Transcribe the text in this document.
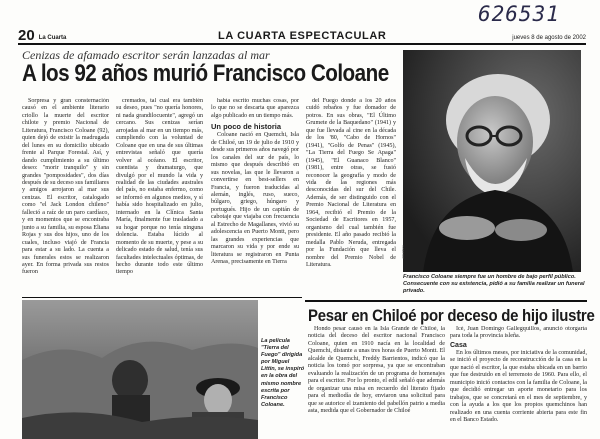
626531
20 La Cuarta	LA CUARTA ESPECTACULAR	jueves 8 de agosto de 2002
Cenizas de afamado escritor serán lanzadas al mar
A los 92 años murió Francisco Coloane

Sorpresa y gran consternación causó en el ambiente literario criollo la muerte del escritor chilote y premio Nacional de Literatura, Francisco Coloane (92), quien dejó de existir la madrugada del lunes en su domicilio ubicado frente al Parque Forestal. Así, y dando cumplimiento a su último deseo: "morir tranquilo" y sin grandes "pomposidades", dos días después de su deceso sus familiares y amigos arrojaron al mar sus cenizas. El escritor, catalogado como "el Jack London chileno" falleció a raíz de un paro cardíaco, y en momentos que se encontraba junto a su familia, su esposa Eliana Rojas y sus dos hijos, uno de los cuales, incluso viajó de Francia para estar a su lado. La cuenta a sus funerales estos se realizaron ayer. En forma privada sus restos fueron

cremados, tal cual era también su deseo, pues "no quería honores, ni nada grandilocuente", agregó un cercano. Sus cenizas serían arrojadas al mar en un tiempo más, cumpliendo con la voluntad de Coloane que en una de sus últimas entrevistas señaló que quería volver al océano. El escritor, cuentista y dramaturgo, que divulgó por el mundo la vida y realidad de las ciudades australes del país, no estaba enfermo, como se informó en algunos medios, y sí había sido hospitalizado en julio, internado en la Clínica Santa María, finalmente fue trasladado a su hogar porque no tenía ninguna dolencia. Estaba lúcido al momento de su muerte, y pese a su delicado estado de salud, tenía sus facultades intelectuales óptimas, de hecho durante todo este último tiempo

había escrito muchas cosas, por lo que no se descarta que aparezca algo publicado en un tiempo más.

Un poco de historia

Coloane nació en Quemchi, Isla de Chiloé, un 19 de julio de 1910 y desde sus primeros años navegó por los canales del sur de país, lo mismo que después describió en sus novelas, las que le llevaron a convertirse en best-sellers en Francia, y fueron traducidas al alemán, inglés, ruso, sueco, búlgaro, griego, húngaro y portugués. Hijo de un capitán de cabotaje que viajaba con frecuencia al Estrecho de Magallanes, vivió su adolescencia en Puerto Montt, pero las grandes experiencias que marcaron su vida y por ende su literatura se registraron en Punta Arenas, precisamente en Tierra

del Fuego donde a los 20 años cuidó rebaños y fue domador de potros. En sus obras, "El Último Grumete de la Baquedano" (1941) y que fue llevada al cine en la década de los '80, "Cabo de Hornos" (1941), "Golfo de Penas" (1945), "La Tierra del Fuego Se Apaga" (1945), "El Guanaco Blanco" (1981), entre otras, se fusió reconocer la geografía y modo de vida de las regiones más desconocidas del sur del Chile. Además, de ser distinguido con el Premio Nacional de Literatura en 1964, recibió el Premio de la Sociedad de Escritores en 1957, organismo del cual también fue presidente. El año pasado recibió la medalla Pablo Neruda, entregada por la Fundación que lleva el nombre del Premio Nobel de Literatura.

ARCHIVO
Francisco Coloane siempre fue un hombre de bajo perfil público. Consecuente con su existencia, pidió a su familia realizar un funeral privado.
Pesar en Chiloé por deceso de hijo ilustre

Hondo pesar causó en la Isla Grande de Chiloé, la noticia del deceso del escritor nacional Francisco Coloane, quien en 1910 nacía en la localidad de Quemchi, distante a unas tres horas de Puerto Montt. El alcalde de Quemchi, Freddy Barrientos, indicó que la noticia los tomó por sorpresa, ya que se encontraban evaluando la realización de un programa de homenajes para el escritor. Por lo pronto, el edil señaló que además de organizar una misa en recuerdo del literato fijado para el mediodía de hoy, enviaron una solicitud para que se autorice el izamiento del pabellón patrio a media asta, medida que el Gobernador de Chiloé

Icé, Juan Domingo Gallegquillos, anunció otorgaría para toda la provincia isleña.

Casa

En los últimos meses, por iniciativa de la comunidad, se inició el proyecto de reconstrucción de la casa en la que nació el escritor, la que estaba ubicada en un barrio que fue destruido en el terremoto de 1960. Para ello, el municipio inició contactos con la familia de Coloane, la que decidió entregar un aporte monetario para los trabajos, que se concretará en el mes de septiembre, y con la ayuda a los que los propios quemchinos han realizado en una cuenta corriente abierta para este fin en el Banco Estado.

La película "Tierra del Fuego" dirigida por Miguel Littin, se inspiró en la obra del mismo nombre escrita por Francisco Coloane.
